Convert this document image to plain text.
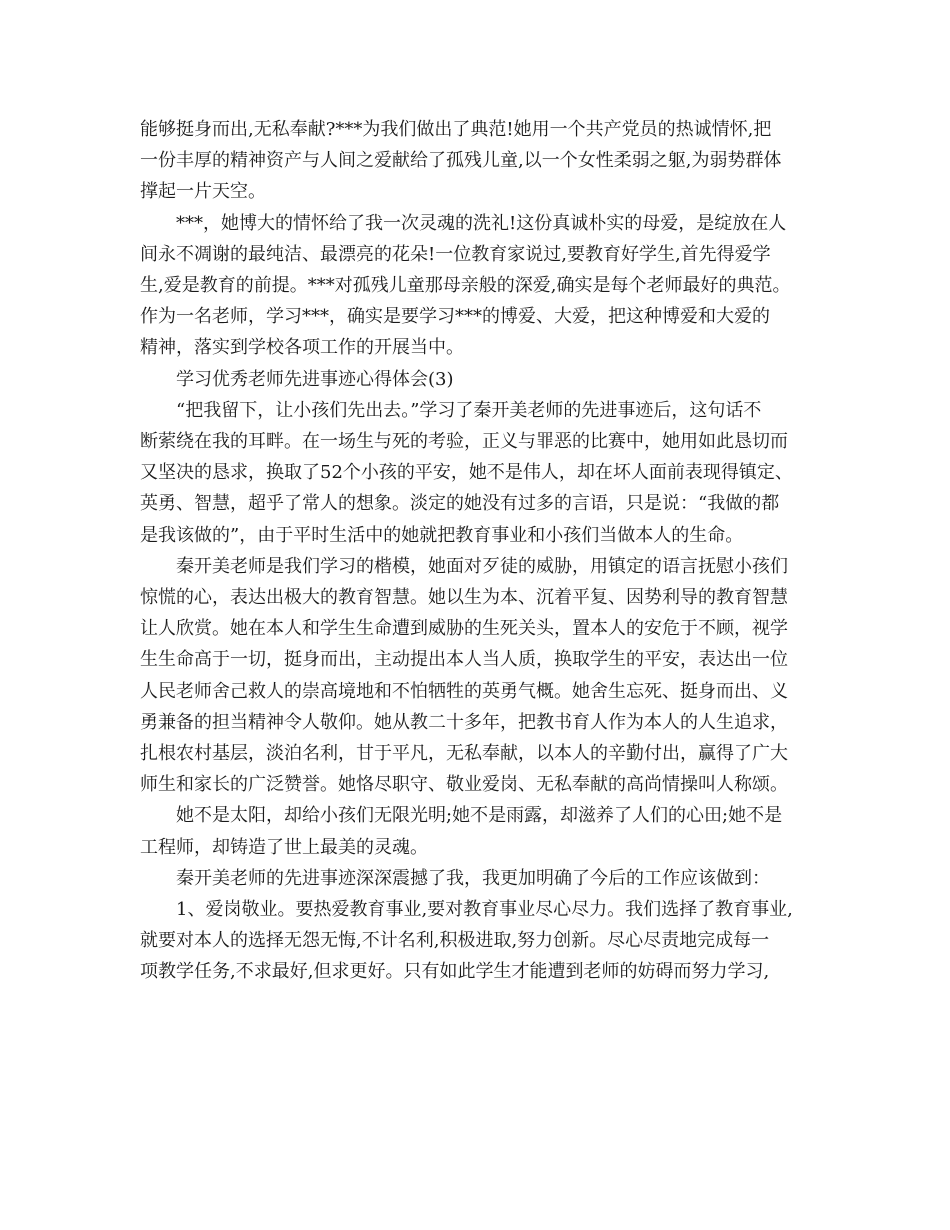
能够挺身而出,无私奉献?***为我们做出了典范!她用一个共产党员的热诚情怀,把
一份丰厚的精神资产与人间之爱献给了孤残儿童,以一个女性柔弱之躯,为弱势群体
撑起一片天空。
***，她博大的情怀给了我一次灵魂的洗礼!这份真诚朴实的母爱，是绽放在人
间永不凋谢的最纯洁、最漂亮的花朵!一位教育家说过,要教育好学生,首先得爱学
生,爱是教育的前提。***对孤残儿童那母亲般的深爱,确实是每个老师最好的典范。
作为一名老师，学习***，确实是要学习***的博爱、大爱，把这种博爱和大爱的
精神，落实到学校各项工作的开展当中。
学习优秀老师先进事迹心得体会(3)
“把我留下，让小孩们先出去。”学习了秦开美老师的先进事迹后，这句话不
断萦绕在我的耳畔。在一场生与死的考验，正义与罪恶的比赛中，她用如此恳切而
又坚决的恳求，换取了52个小孩的平安，她不是伟人，却在坏人面前表现得镇定、
英勇、智慧，超乎了常人的想象。淡定的她没有过多的言语，只是说：“我做的都
是我该做的”，由于平时生活中的她就把教育事业和小孩们当做本人的生命。
秦开美老师是我们学习的楷模，她面对歹徒的威胁，用镇定的语言抚慰小孩们
惊慌的心，表达出极大的教育智慧。她以生为本、沉着平复、因势利导的教育智慧
让人欣赏。她在本人和学生生命遭到威胁的生死关头，置本人的安危于不顾，视学
生生命高于一切，挺身而出，主动提出本人当人质，换取学生的平安，表达出一位
人民老师舍己救人的崇高境地和不怕牺牲的英勇气概。她舍生忘死、挺身而出、义
勇兼备的担当精神令人敬仰。她从教二十多年，把教书育人作为本人的人生追求，
扎根农村基层，淡泊名利，甘于平凡，无私奉献，以本人的辛勤付出，赢得了广大
师生和家长的广泛赞誉。她恪尽职守、敬业爱岗、无私奉献的高尚情操叫人称颂。
她不是太阳，却给小孩们无限光明;她不是雨露，却滋养了人们的心田;她不是
工程师，却铸造了世上最美的灵魂。
秦开美老师的先进事迹深深震撼了我，我更加明确了今后的工作应该做到：
1、爱岗敬业。要热爱教育事业,要对教育事业尽心尽力。我们选择了教育事业,
就要对本人的选择无怨无悔,不计名利,积极进取,努力创新。尽心尽责地完成每一
项教学任务,不求最好,但求更好。只有如此学生才能遭到老师的妨碍而努力学习,
